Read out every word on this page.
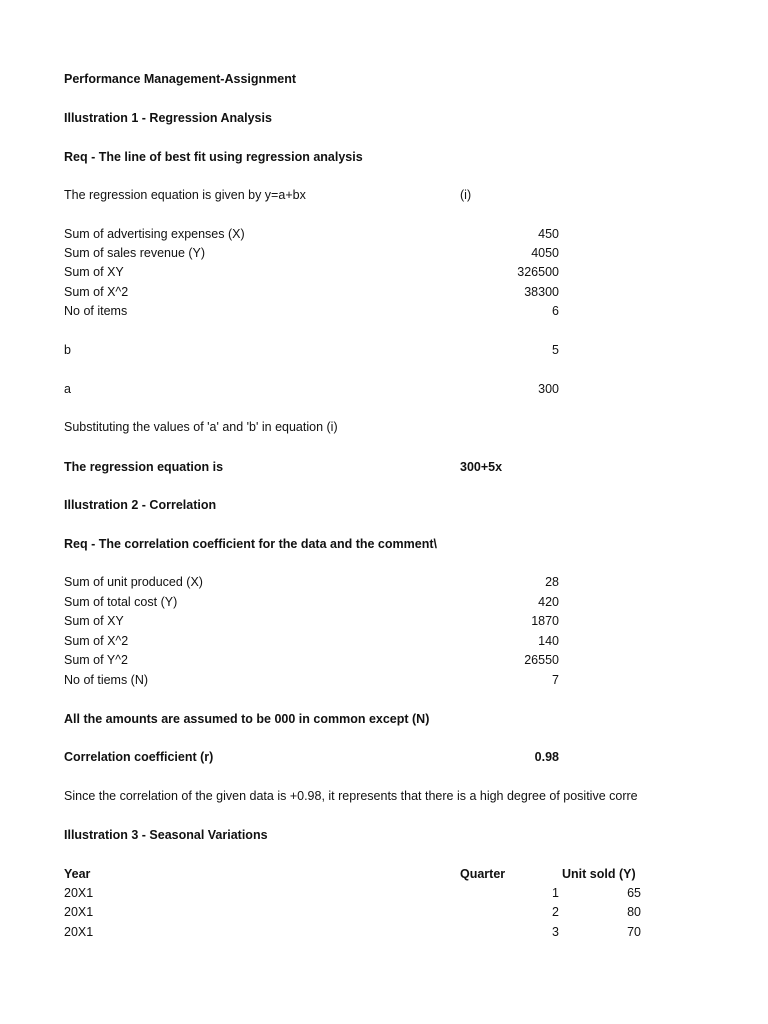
Performance Management-Assignment
Illustration 1 - Regression Analysis
Req - The line of best fit using regression analysis
The regression equation is given by y=a+bx	(i)
Sum of advertising expenses (X)	450
Sum of sales revenue (Y)	4050
Sum of XY	326500
Sum of X^2	38300
No of items	6
b	5
a	300
Substituting the values of 'a' and 'b' in equation (i)
The regression equation is	300+5x
Illustration 2 - Correlation
Req - The correlation coefficient for the data and the comment\
Sum of unit produced (X)	28
Sum of total cost (Y)	420
Sum of XY	1870
Sum of X^2	140
Sum of Y^2	26550
No of tiems (N)	7
All the amounts are assumed to be 000 in common except (N)
Correlation coefficient (r)	0.98
Since the correlation of the given data is +0.98, it represents that there is a high degree of positive corre
Illustration 3 - Seasonal Variations
Year	Quarter	Unit sold (Y)
20X1	1	65
20X1	2	80
20X1	3	70
